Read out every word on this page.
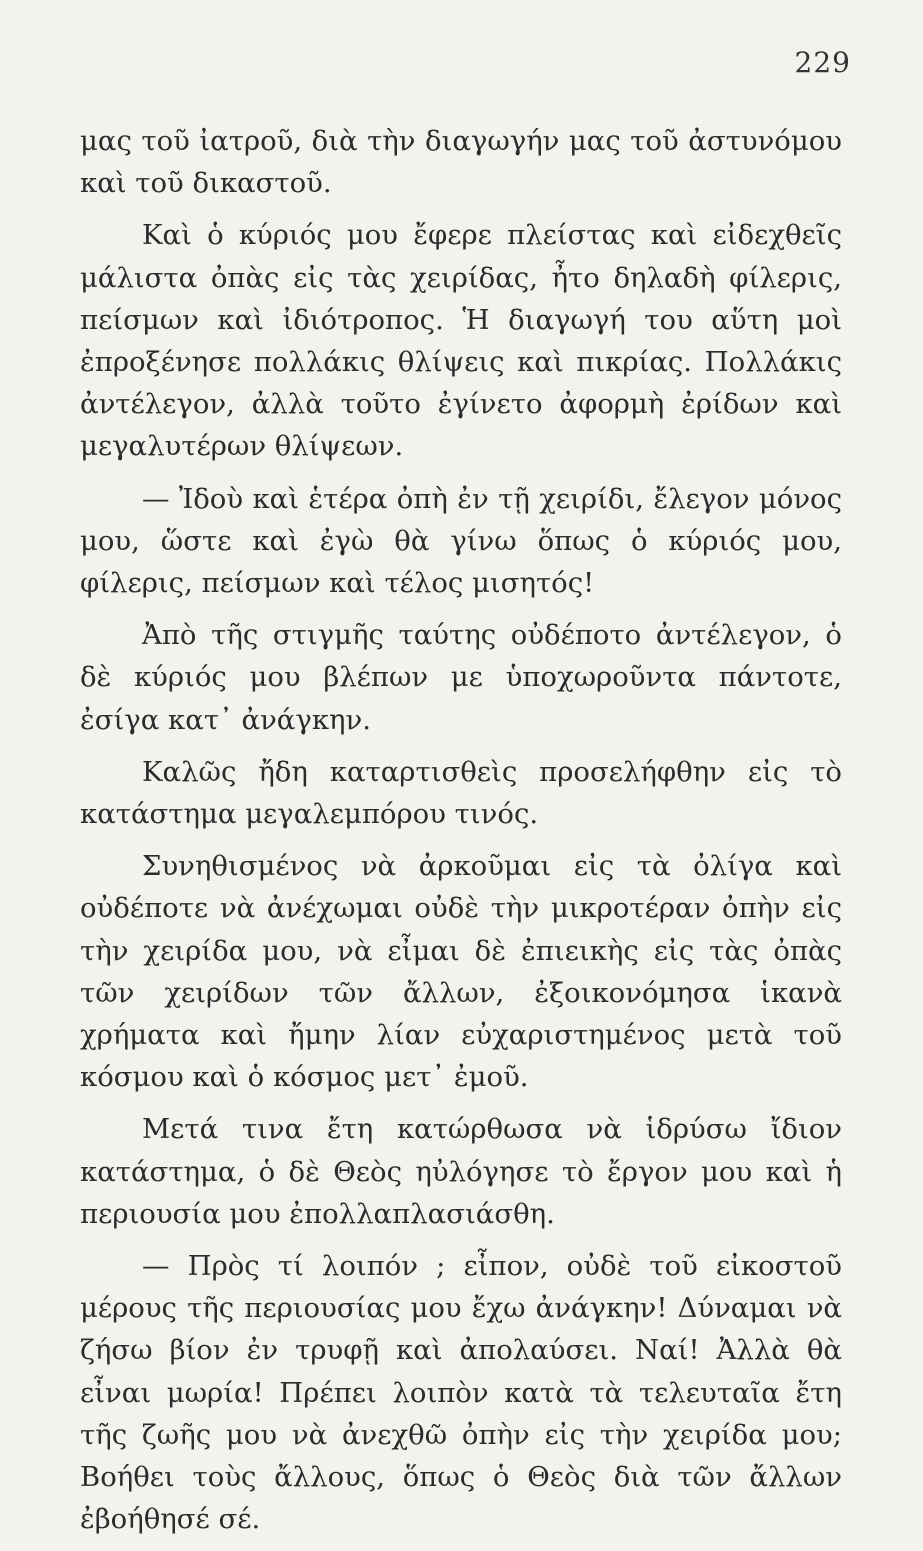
229

μας τοῦ ἰατροῦ, διὰ τὴν διαγωγήν μας τοῦ ἀστυνόμου καὶ τοῦ δικαστοῦ.

Καὶ ὁ κύριός μου ἔφερε πλείστας καὶ εἰδεχθεῖς μάλιστα ὀπὰς εἰς τὰς χειρίδας, ἦτο δηλαδὴ φίλερις, πείσμων καὶ ἰδιότροπος. Ἡ διαγωγή του αὕτη μοὶ ἐπροξένησε πολλάκις θλίψεις καὶ πικρίας. Πολλάκις ἀντέλεγον, ἀλλὰ τοῦτο ἐγίνετο ἀφορμὴ ἐρίδων καὶ μεγαλυτέρων θλίψεων.

— Ἰδοὺ καὶ ἑτέρα ὀπὴ ἐν τῇ χειρίδι, ἔλεγον μόνος μου, ὥστε καὶ ἐγὼ θὰ γίνω ὅπως ὁ κύριός μου, φίλερις, πείσμων καὶ τέλος μισητός!

Ἀπὸ τῆς στιγμῆς ταύτης οὐδέποτο ἀντέλεγον, ὁ δὲ κύριός μου βλέπων με ὑποχωροῦντα πάντοτε, ἐσίγα κατ᾽ ἀνάγκην.

Καλῶς ἤδη καταρτισθεὶς προσελήφθην εἰς τὸ κατάστημα μεγαλεμπόρου τινός.

Συνηθισμένος νὰ ἀρκοῦμαι εἰς τὰ ὀλίγα καὶ οὐδέποτε νὰ ἀνέχωμαι οὐδὲ τὴν μικροτέραν ὀπὴν εἰς τὴν χειρίδα μου, νὰ εἶμαι δὲ ἐπιεικὴς εἰς τὰς ὀπὰς τῶν χειρίδων τῶν ἄλλων, ἐξοικονόμησα ἱκανὰ χρήματα καὶ ἤμην λίαν εὐχαριστημένος μετὰ τοῦ κόσμου καὶ ὁ κόσμος μετ᾽ ἐμοῦ.

Μετά τινα ἔτη κατώρθωσα νὰ ἱδρύσω ἴδιον κατάστημα, ὁ δὲ Θεὸς ηὐλόγησε τὸ ἔργον μου καὶ ἡ περιουσία μου ἐπολλαπλασιάσθη.

— Πρὸς τί λοιπόν ; εἶπον, οὐδὲ τοῦ εἰκοστοῦ μέρους τῆς περιουσίας μου ἔχω ἀνάγκην! Δύναμαι νὰ ζήσω βίον ἐν τρυφῇ καὶ ἀπολαύσει. Ναί! Ἀλλὰ θὰ εἶναι μωρία! Πρέπει λοιπὸν κατὰ τὰ τελευταῖα ἔτη τῆς ζωῆς μου νὰ ἀνεχθῶ ὀπὴν εἰς τὴν χειρίδα μου; Βοήθει τοὺς ἄλλους, ὅπως ὁ Θεὸς διὰ τῶν ἄλλων ἐβοήθησέ σέ.
